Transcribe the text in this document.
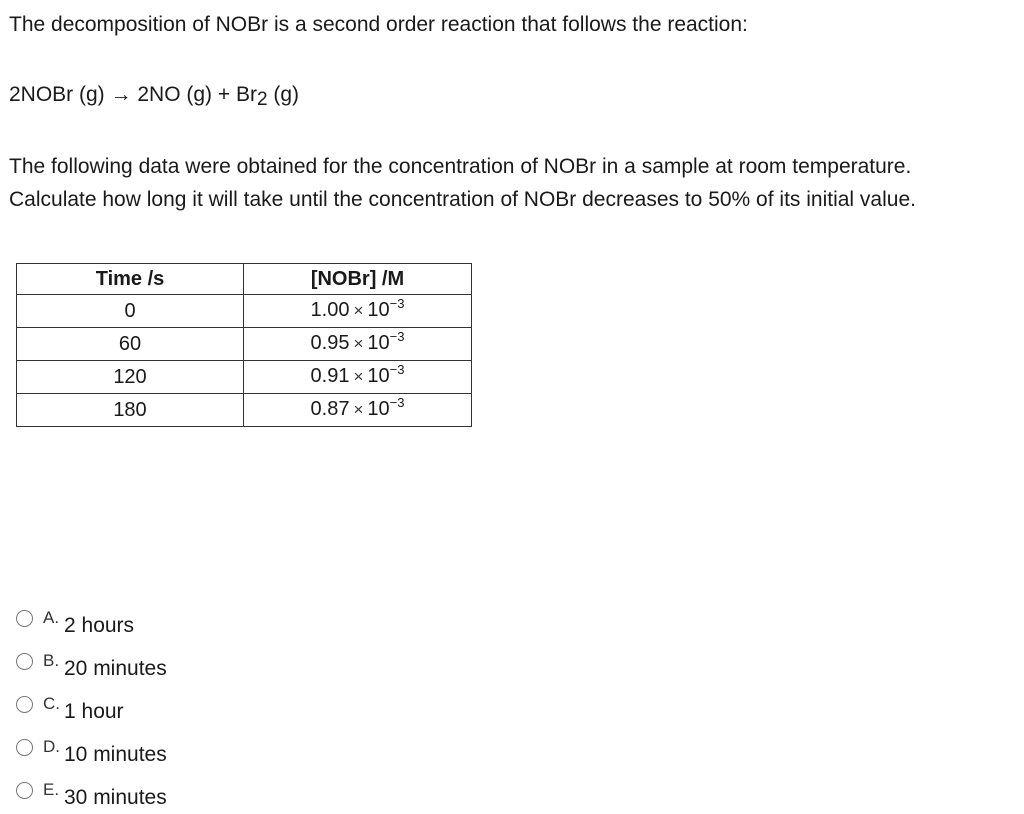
The decomposition of NOBr is a second order reaction that follows the reaction:
2NOBr (g) → 2NO (g) + Br2 (g)
The following data were obtained for the concentration of NOBr in a sample at room temperature.
Calculate how long it will take until the concentration of NOBr decreases to 50% of its initial value.
Time /s	[NOBr] /M
0	$1.00 \times 10^{-3}$
60	$0.95 \times 10^{-3}$
120	$0.91 \times 10^{-3}$
180	$0.87 \times 10^{-3}$
A. 2 hours
B. 20 minutes
C. 1 hour
D. 10 minutes
E. 30 minutes
